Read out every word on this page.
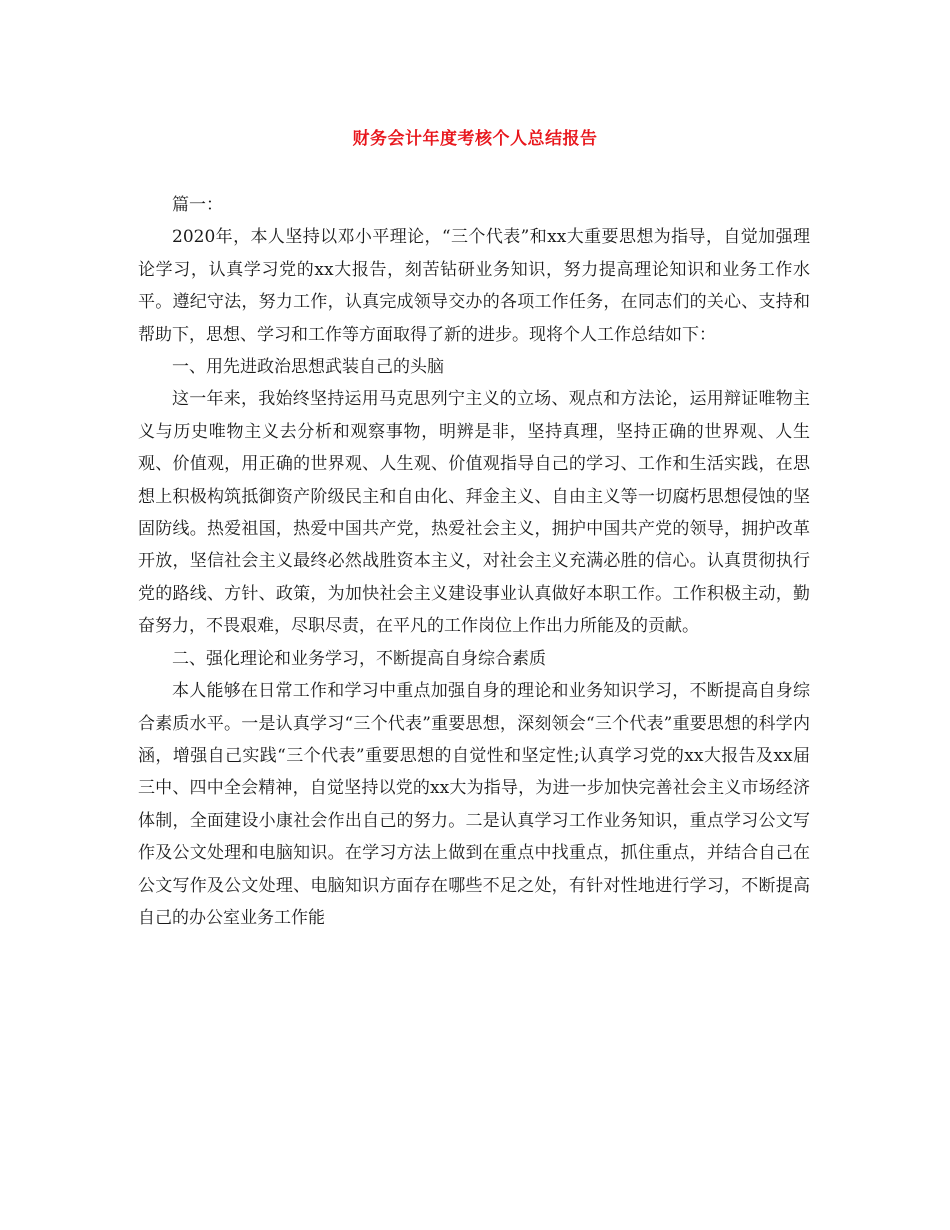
财务会计年度考核个人总结报告

篇一：

2020年，本人坚持以邓小平理论，“三个代表”和xx大重要思想为指导，自觉加强理论学习，认真学习党的xx大报告，刻苦钻研业务知识，努力提高理论知识和业务工作水平。遵纪守法，努力工作，认真完成领导交办的各项工作任务，在同志们的关心、支持和帮助下，思想、学习和工作等方面取得了新的进步。现将个人工作总结如下：

一、用先进政治思想武装自己的头脑

这一年来，我始终坚持运用马克思列宁主义的立场、观点和方法论，运用辩证唯物主义与历史唯物主义去分析和观察事物，明辨是非，坚持真理，坚持正确的世界观、人生观、价值观，用正确的世界观、人生观、价值观指导自己的学习、工作和生活实践，在思想上积极构筑抵御资产阶级民主和自由化、拜金主义、自由主义等一切腐朽思想侵蚀的坚固防线。热爱祖国，热爱中国共产党，热爱社会主义，拥护中国共产党的领导，拥护改革开放，坚信社会主义最终必然战胜资本主义，对社会主义充满必胜的信心。认真贯彻执行党的路线、方针、政策，为加快社会主义建设事业认真做好本职工作。工作积极主动，勤奋努力，不畏艰难，尽职尽责，在平凡的工作岗位上作出力所能及的贡献。

二、强化理论和业务学习，不断提高自身综合素质

本人能够在日常工作和学习中重点加强自身的理论和业务知识学习，不断提高自身综合素质水平。一是认真学习“三个代表”重要思想，深刻领会“三个代表”重要思想的科学内涵，增强自己实践“三个代表”重要思想的自觉性和坚定性;认真学习党的xx大报告及xx届三中、四中全会精神，自觉坚持以党的xx大为指导，为进一步加快完善社会主义市场经济体制，全面建设小康社会作出自己的努力。二是认真学习工作业务知识，重点学习公文写作及公文处理和电脑知识。在学习方法上做到在重点中找重点，抓住重点，并结合自己在公文写作及公文处理、电脑知识方面存在哪些不足之处，有针对性地进行学习，不断提高自己的办公室业务工作能
